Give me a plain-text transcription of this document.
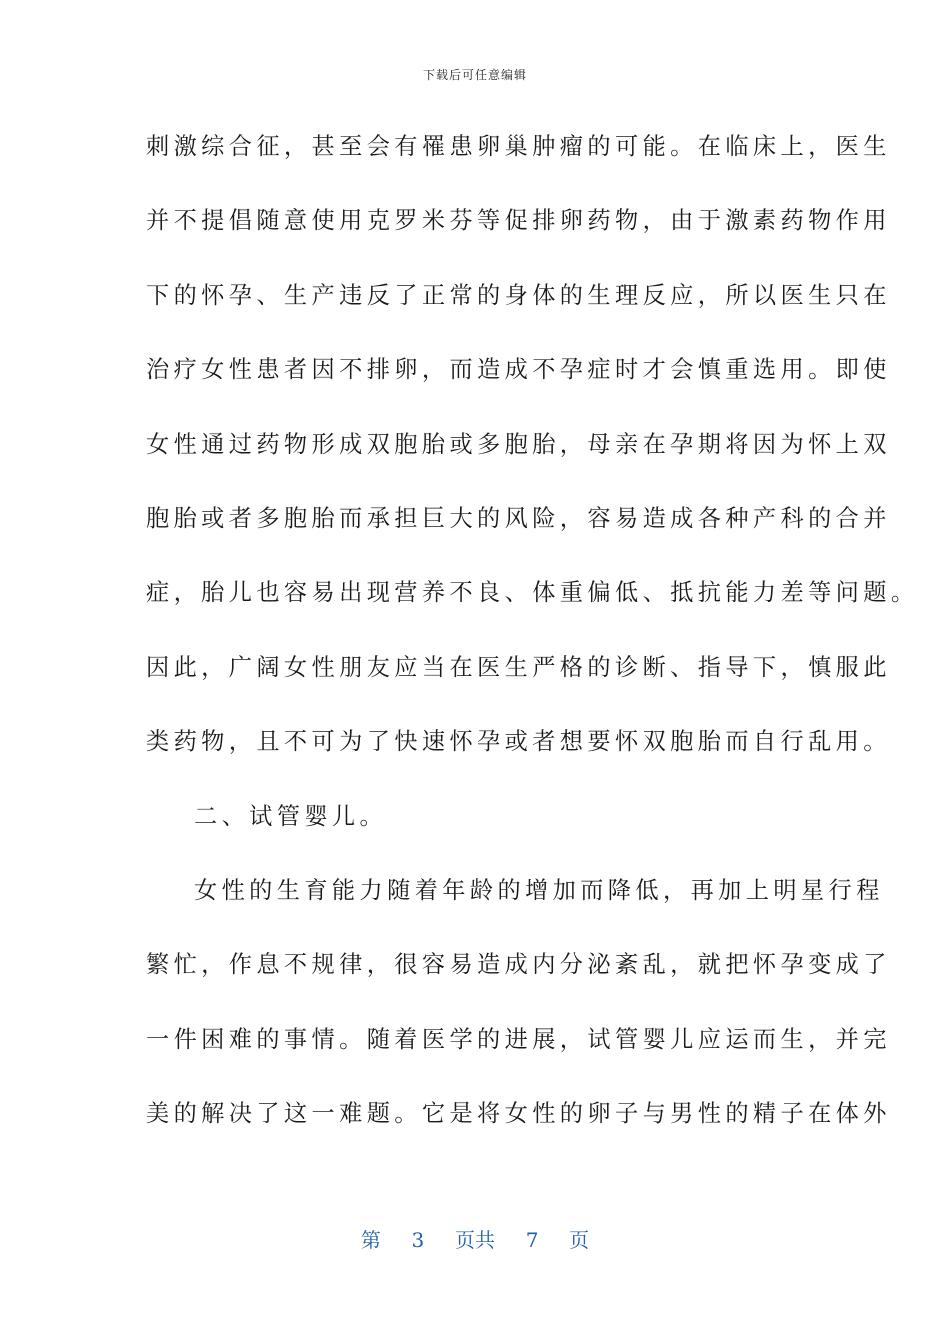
下载后可任意编辑
刺激综合征，甚至会有罹患卵巢肿瘤的可能。在临床上，医生
并不提倡随意使用克罗米芬等促排卵药物，由于激素药物作用
下的怀孕、生产违反了正常的身体的生理反应，所以医生只在
治疗女性患者因不排卵，而造成不孕症时才会慎重选用。即使
女性通过药物形成双胞胎或多胞胎，母亲在孕期将因为怀上双
胞胎或者多胞胎而承担巨大的风险，容易造成各种产科的合并
症，胎儿也容易出现营养不良、体重偏低、抵抗能力差等问题。
因此，广阔女性朋友应当在医生严格的诊断、指导下，慎服此
类药物，且不可为了快速怀孕或者想要怀双胞胎而自行乱用。
二、试管婴儿。
女性的生育能力随着年龄的增加而降低，再加上明星行程
繁忙，作息不规律，很容易造成内分泌紊乱，就把怀孕变成了
一件困难的事情。随着医学的进展，试管婴儿应运而生，并完
美的解决了这一难题。它是将女性的卵子与男性的精子在体外
第 3 页共 7 页
